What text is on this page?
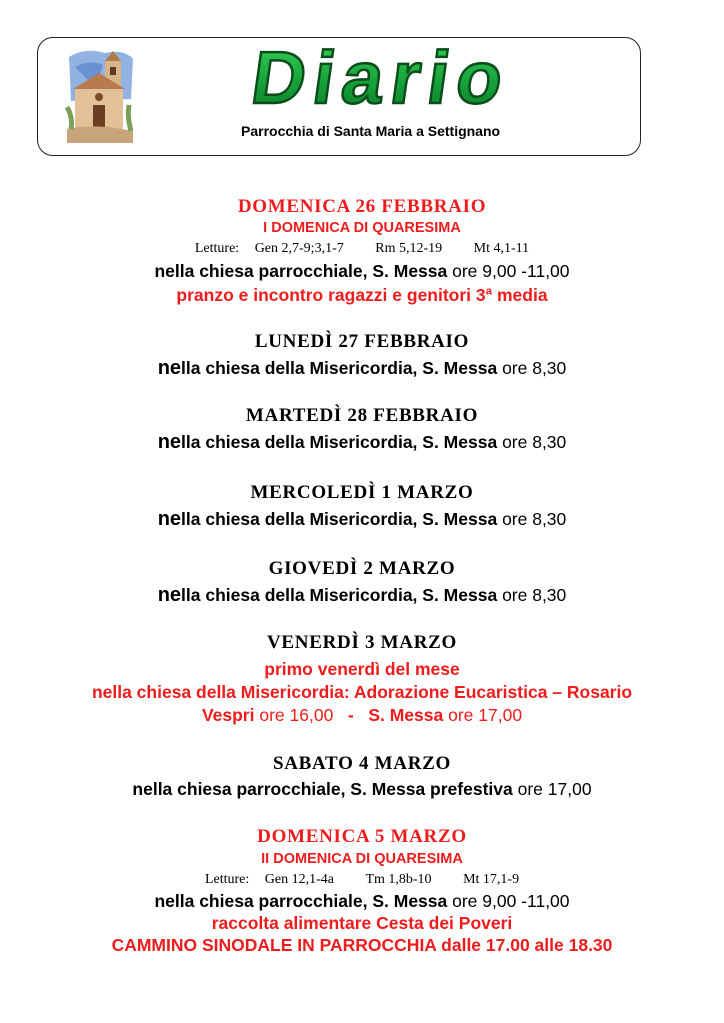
Diario
Parrocchia di Santa Maria a Settignano
DOMENICA 26 FEBBRAIO
I DOMENICA DI QUARESIMA
Letture: Gen 2,7-9;3,1-7 Rm 5,12-19 Mt 4,1-11
nella chiesa parrocchiale, S. Messa ore 9,00 -11,00
pranzo e incontro ragazzi e genitori 3ª media
LUNEDÌ 27 FEBBRAIO
nella chiesa della Misericordia, S. Messa ore 8,30
MARTEDÌ 28 FEBBRAIO
nella chiesa della Misericordia, S. Messa ore 8,30
MERCOLEDÌ 1 MARZO
nella chiesa della Misericordia, S. Messa ore 8,30
GIOVEDÌ 2 MARZO
nella chiesa della Misericordia, S. Messa ore 8,30
VENERDÌ 3 MARZO
primo venerdì del mese
nella chiesa della Misericordia: Adorazione Eucaristica – Rosario
Vespri ore 16,00 - S. Messa ore 17,00
SABATO 4 MARZO
nella chiesa parrocchiale, S. Messa prefestiva ore 17,00
DOMENICA 5 MARZO
II DOMENICA DI QUARESIMA
Letture: Gen 12,1-4a Tm 1,8b-10 Mt 17,1-9
nella chiesa parrocchiale, S. Messa ore 9,00 -11,00
raccolta alimentare Cesta dei Poveri
CAMMINO SINODALE IN PARROCCHIA dalle 17.00 alle 18.30
